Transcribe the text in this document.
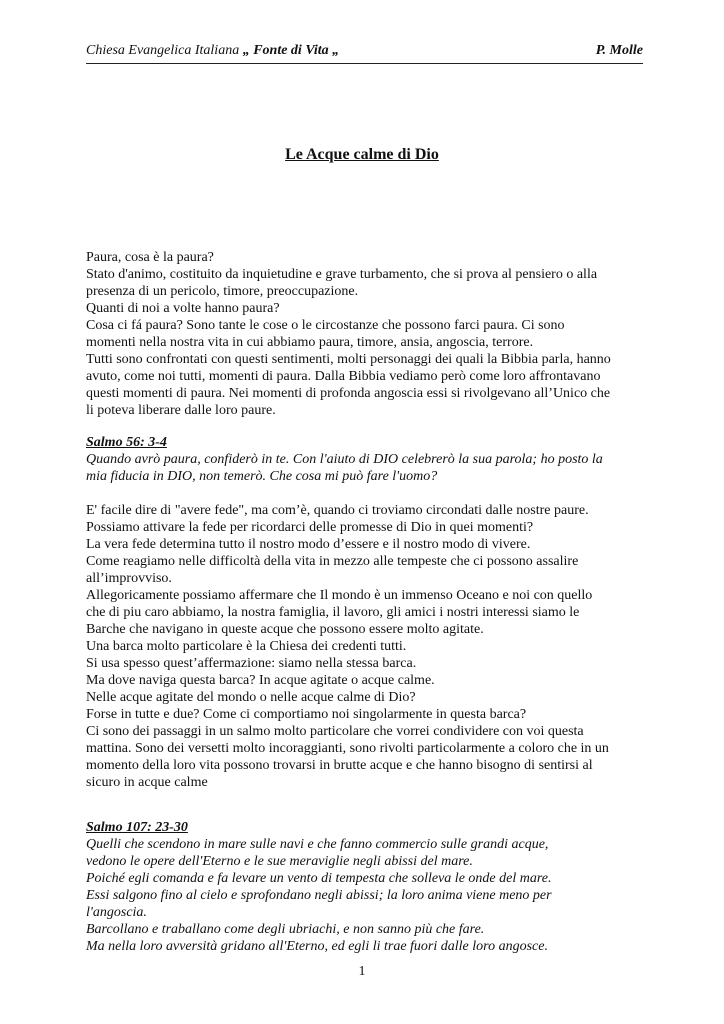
Chiesa Evangelica Italiana „ Fonte di Vita „	P. Molle
Le Acque calme di Dio

Paura, cosa è la paura?

Stato d'animo, costituito da inquietudine e grave turbamento, che si prova al pensiero o alla

presenza di un pericolo, timore, preoccupazione.

Quanti di noi a volte hanno paura?

Cosa ci fá paura? Sono tante le cose o le circostanze che possono farci paura. Ci sono

momenti nella nostra vita in cui abbiamo paura, timore, ansia, angoscia, terrore.

Tutti sono confrontati con questi sentimenti, molti personaggi dei quali la Bibbia parla, hanno

avuto, come noi tutti, momenti di paura. Dalla Bibbia vediamo però come loro affrontavano

questi momenti di paura. Nei momenti di profonda angoscia essi si rivolgevano all’Unico che

li poteva liberare dalle loro paure.

Salmo 56: 3-4

Quando avrò paura, confiderò in te. Con l'aiuto di DIO celebrerò la sua parola; ho posto la

mia fiducia in DIO, non temerò. Che cosa mi può fare l'uomo?

E' facile dire di "avere fede", ma com’è, quando ci troviamo circondati dalle nostre paure.

Possiamo attivare la fede per ricordarci delle promesse di Dio in quei momenti?

La vera fede determina tutto il nostro modo d’essere e il nostro modo di vivere.

Come reagiamo nelle difficoltà della vita in mezzo alle tempeste che ci possono assalire

all’improvviso.

Allegoricamente possiamo affermare che Il mondo è un immenso Oceano e noi con quello

che di piu caro abbiamo, la nostra famiglia, il lavoro, gli amici i nostri interessi siamo le

Barche che navigano in queste acque che possono essere molto agitate.

Una barca molto particolare è la Chiesa dei credenti tutti.

Si usa spesso quest’affermazione: siamo nella stessa barca.

Ma dove naviga questa barca? In acque agitate o acque calme.

Nelle acque agitate del mondo o nelle acque calme di Dio?

Forse in tutte e due? Come ci comportiamo noi singolarmente in questa barca?

Ci sono dei passaggi in un salmo molto particolare che vorrei condividere con voi questa

mattina. Sono dei versetti molto incoraggianti, sono rivolti particolarmente a coloro che in un

momento della loro vita possono trovarsi in brutte acque e che hanno bisogno di sentirsi al

sicuro in acque calme

Salmo 107: 23-30

Quelli che scendono in mare sulle navi e che fanno commercio sulle grandi acque,

vedono le opere dell'Eterno e le sue meraviglie negli abissi del mare.

Poiché egli comanda e fa levare un vento di tempesta che solleva le onde del mare.

Essi salgono fino al cielo e sprofondano negli abissi; la loro anima viene meno per

l'angoscia.

Barcollano e traballano come degli ubriachi, e non sanno più che fare.

Ma nella loro avversità gridano all'Eterno, ed egli li trae fuori dalle loro angosce.

1
